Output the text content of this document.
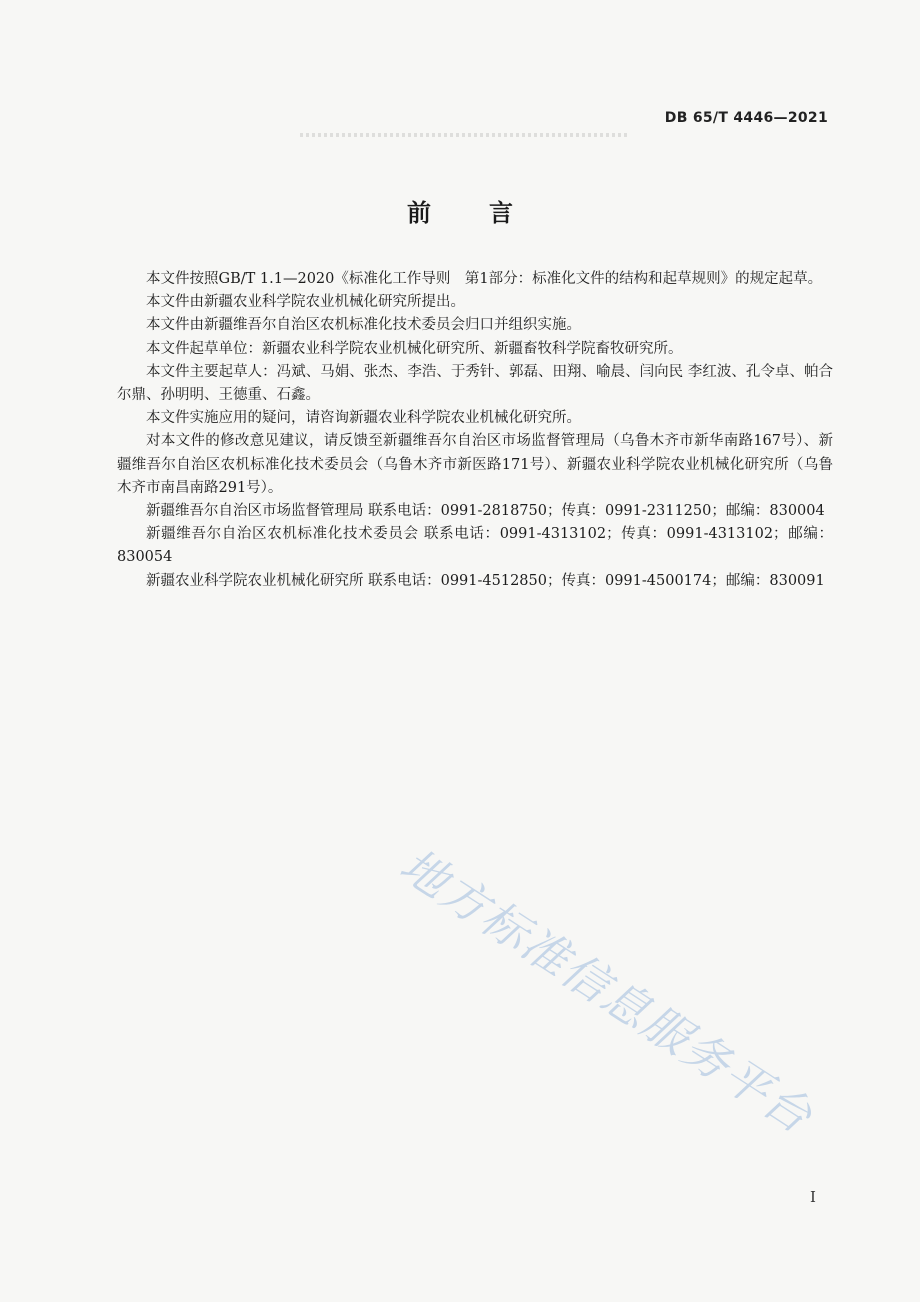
DB 65/T 4446—2021
前言

本文件按照GB/T 1.1—2020《标准化工作导则　第1部分：标准化文件的结构和起草规则》的规定起草。

本文件由新疆农业科学院农业机械化研究所提出。

本文件由新疆维吾尔自治区农机标准化技术委员会归口并组织实施。

本文件起草单位：新疆农业科学院农业机械化研究所、新疆畜牧科学院畜牧研究所。

本文件主要起草人：冯斌、马娟、张杰、李浩、于秀针、郭磊、田翔、喻晨、闫向民 李红波、孔令卓、帕合尔鼎、孙明明、王德重、石鑫。

本文件实施应用的疑问，请咨询新疆农业科学院农业机械化研究所。

对本文件的修改意见建议，请反馈至新疆维吾尔自治区市场监督管理局（乌鲁木齐市新华南路167号）、新疆维吾尔自治区农机标准化技术委员会（乌鲁木齐市新医路171号）、新疆农业科学院农业机械化研究所（乌鲁木齐市南昌南路291号）。

新疆维吾尔自治区市场监督管理局 联系电话：0991-2818750；传真：0991-2311250；邮编：830004

新疆维吾尔自治区农机标准化技术委员会 联系电话：0991-4313102；传真：0991-4313102；邮编：830054

新疆农业科学院农业机械化研究所 联系电话：0991-4512850；传真：0991-4500174；邮编：830091

地方标准信息服务平台
I
